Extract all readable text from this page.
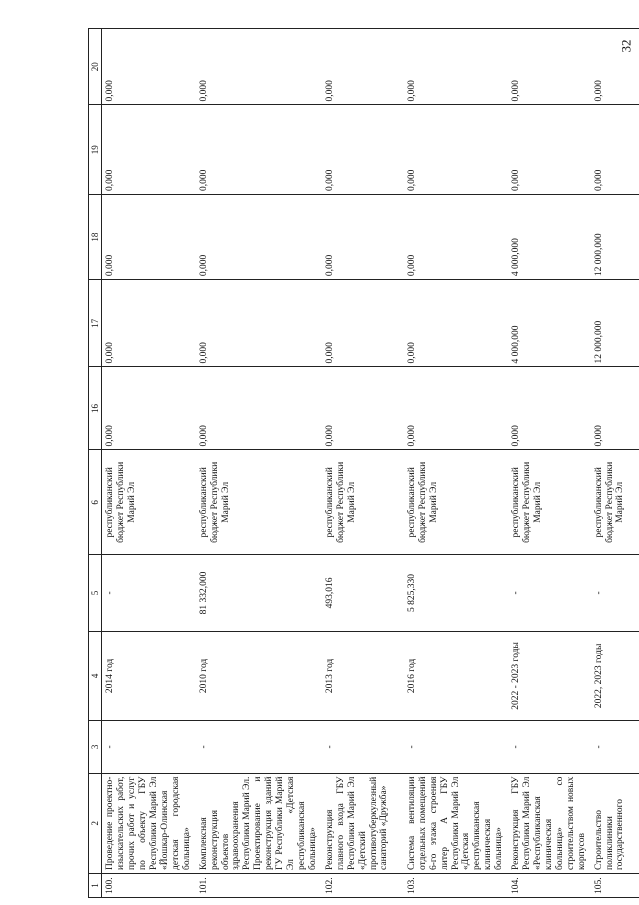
32
1	2	3	4	5	6	16	17	18	19	20
100.	Проведение проектно-изыскательских работ, прочих работ и услуг по объекту ГБУ Республики Марий Эл «Йошкар-Олинская детская городская больница»	-	2014 год	-	республиканский бюджет Республики Марий Эл	0,000	0,000	0,000	0,000	0,000
101.	Комплексная реконструкция объектов здравоохранения Республики Марий Эл. Проектирование и реконструкция зданий ГУ Республики Марий Эл «Детская республиканская больница»	-	2010 год	81 332,000	республиканский бюджет Республики Марий Эл	0,000	0,000	0,000	0,000	0,000
102.	Реконструкция главного входа ГБУ Республики Марий Эл «Детский противотуберкулезный санаторий «Дружба»	-	2013 год	493,016	республиканский бюджет Республики Марий Эл	0,000	0,000	0,000	0,000	0,000
103.	Система вентиляции отдельных помещений 6-го этажа строения литер А ГБУ Республики Марий Эл «Детская республиканская клиническая больница»	-	2016 год	5 825,330	республиканский бюджет Республики Марий Эл	0,000	0,000	0,000	0,000	0,000
104.	Реконструкция ГБУ Республики Марий Эл «Республиканская клиническая больница» со строительством новых корпусов	-	2022 - 2023 годы	-	республиканский бюджет Республики Марий Эл	0,000	4 000,000	4 000,000	0,000	0,000
105.	Строительство поликлиники государственного	-	2022, 2023 годы	-	республиканский бюджет Республики Марий Эл	0,000	12 000,000	12 000,000	0,000	0,000
